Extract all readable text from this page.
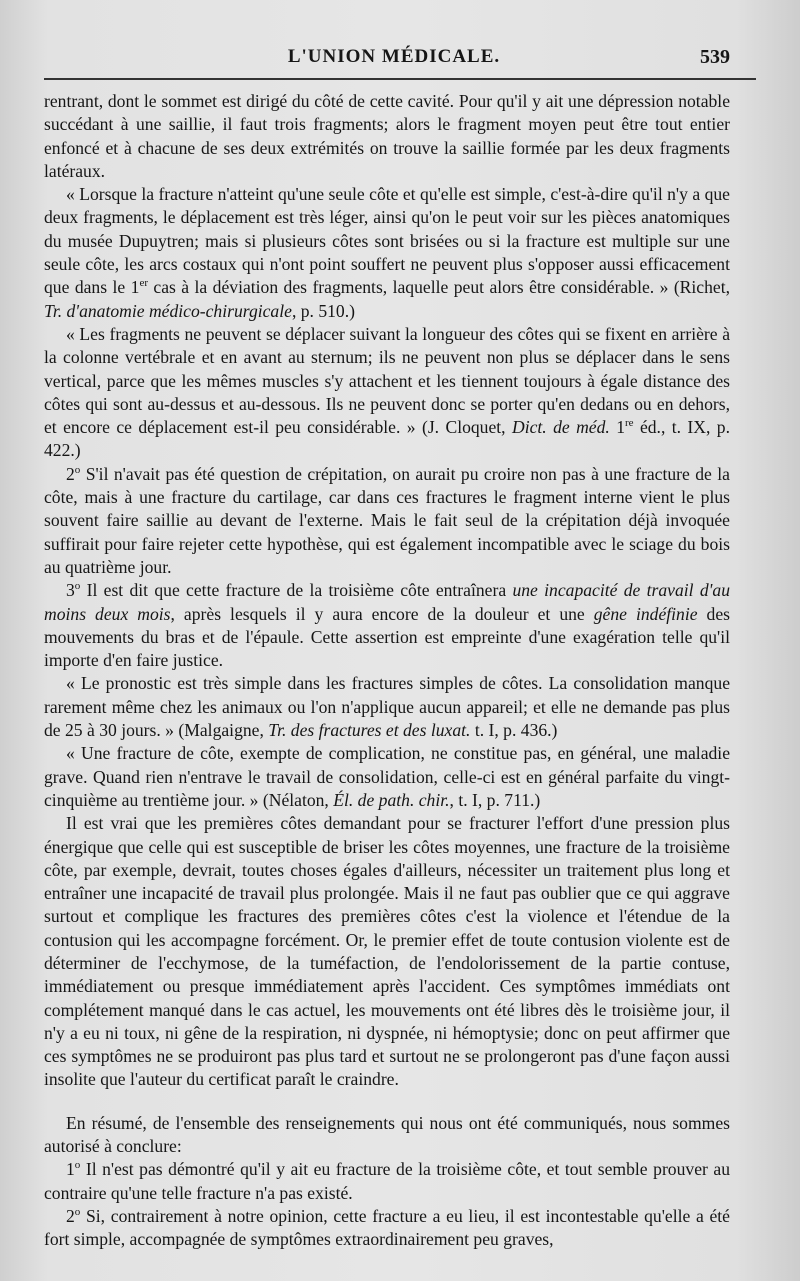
L'UNION MÉDICALE.	539

rentrant, dont le sommet est dirigé du côté de cette cavité. Pour qu'il y ait une dépression notable succédant à une saillie, il faut trois fragments; alors le fragment moyen peut être tout entier enfoncé et à chacune de ses deux extrémités on trouve la saillie formée par les deux fragments latéraux.

« Lorsque la fracture n'atteint qu'une seule côte et qu'elle est simple, c'est-à-dire qu'il n'y a que deux fragments, le déplacement est très léger, ainsi qu'on le peut voir sur les pièces anatomiques du musée Dupuytren; mais si plusieurs côtes sont brisées ou si la fracture est multiple sur une seule côte, les arcs costaux qui n'ont point souffert ne peuvent plus s'opposer aussi efficacement que dans le 1er cas à la déviation des fragments, laquelle peut alors être considérable. » (Richet, Tr. d'anatomie médico-chirurgicale, p. 510.)

« Les fragments ne peuvent se déplacer suivant la longueur des côtes qui se fixent en arrière à la colonne vertébrale et en avant au sternum; ils ne peuvent non plus se déplacer dans le sens vertical, parce que les mêmes muscles s'y attachent et les tiennent toujours à égale distance des côtes qui sont au-dessus et au-dessous. Ils ne peuvent donc se porter qu'en dedans ou en dehors, et encore ce déplacement est-il peu considérable. » (J. Cloquet, Dict. de méd. 1re éd., t. IX, p. 422.)

2$^o$ S'il n'avait pas été question de crépitation, on aurait pu croire non pas à une fracture de la côte, mais à une fracture du cartilage, car dans ces fractures le fragment interne vient le plus souvent faire saillie au devant de l'externe. Mais le fait seul de la crépitation déjà invoquée suffirait pour faire rejeter cette hypothèse, qui est également incompatible avec le sciage du bois au quatrième jour.

3$^o$ Il est dit que cette fracture de la troisième côte entraînera une incapacité de travail d'au moins deux mois, après lesquels il y aura encore de la douleur et une gêne indéfinie des mouvements du bras et de l'épaule. Cette assertion est empreinte d'une exagération telle qu'il importe d'en faire justice.

« Le pronostic est très simple dans les fractures simples de côtes. La consolidation manque rarement même chez les animaux ou l'on n'applique aucun appareil; et elle ne demande pas plus de 25 à 30 jours. » (Malgaigne, Tr. des fractures et des luxat. t. I, p. 436.)

« Une fracture de côte, exempte de complication, ne constitue pas, en général, une maladie grave. Quand rien n'entrave le travail de consolidation, celle-ci est en général parfaite du vingt-cinquième au trentième jour. » (Nélaton, Él. de path. chir., t. I, p. 711.)

Il est vrai que les premières côtes demandant pour se fracturer l'effort d'une pression plus énergique que celle qui est susceptible de briser les côtes moyennes, une fracture de la troisième côte, par exemple, devrait, toutes choses égales d'ailleurs, nécessiter un traitement plus long et entraîner une incapacité de travail plus prolongée. Mais il ne faut pas oublier que ce qui aggrave surtout et complique les fractures des premières côtes c'est la violence et l'étendue de la contusion qui les accompagne forcément. Or, le premier effet de toute contusion violente est de déterminer de l'ecchymose, de la tuméfaction, de l'endolorissement de la partie contuse, immédiatement ou presque immédiatement après l'accident. Ces symptômes immédiats ont complétement manqué dans le cas actuel, les mouvements ont été libres dès le troisième jour, il n'y a eu ni toux, ni gêne de la respiration, ni dyspnée, ni hémoptysie; donc on peut affirmer que ces symptômes ne se produiront pas plus tard et surtout ne se prolongeront pas d'une façon aussi insolite que l'auteur du certificat paraît le craindre.

En résumé, de l'ensemble des renseignements qui nous ont été communiqués, nous sommes autorisé à conclure:

1$^o$ Il n'est pas démontré qu'il y ait eu fracture de la troisième côte, et tout semble prouver au contraire qu'une telle fracture n'a pas existé.

2$^o$ Si, contrairement à notre opinion, cette fracture a eu lieu, il est incontestable qu'elle a été fort simple, accompagnée de symptômes extraordinairement peu graves,
